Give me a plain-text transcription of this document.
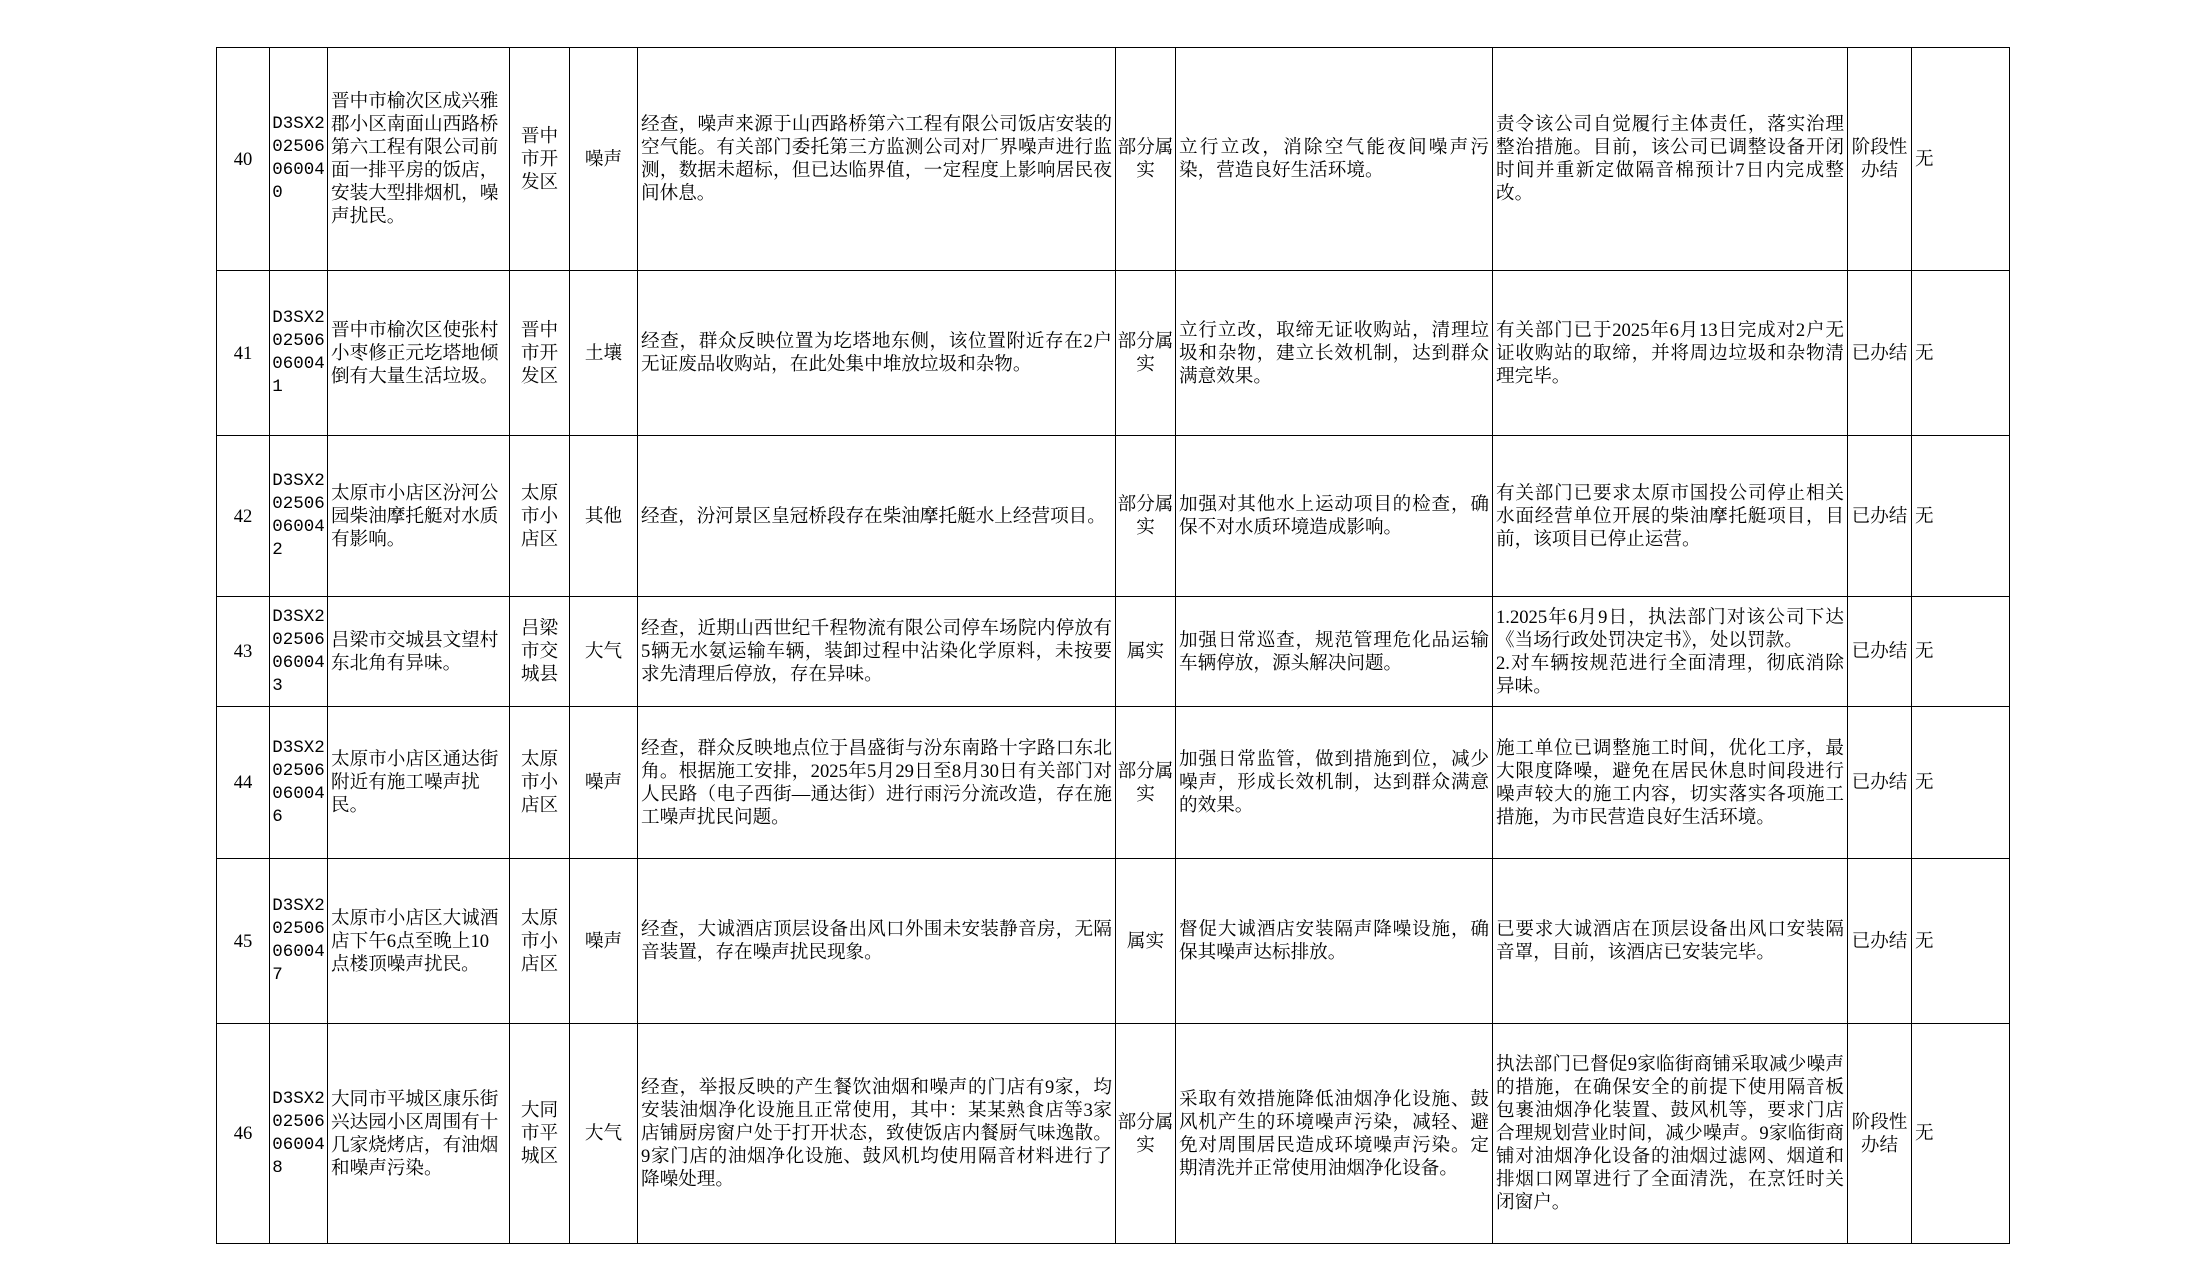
40	D3SX202506060040	晋中市榆次区成兴雅郡小区南面山西路桥第六工程有限公司前面一排平房的饭店，安装大型排烟机，噪声扰民。	晋中市开发区	噪声	经查，噪声来源于山西路桥第六工程有限公司饭店安装的空气能。有关部门委托第三方监测公司对厂界噪声进行监测，数据未超标，但已达临界值，一定程度上影响居民夜间休息。	部分属实	立行立改，消除空气能夜间噪声污染，营造良好生活环境。	责令该公司自觉履行主体责任，落实治理整治措施。目前，该公司已调整设备开闭时间并重新定做隔音棉预计7日内完成整改。	阶段性办结	无

41	D3SX202506060041	晋中市榆次区使张村小枣修正元圪塔地倾倒有大量生活垃圾。	晋中市开发区	土壤	经查，群众反映位置为圪塔地东侧，该位置附近存在2户无证废品收购站，在此处集中堆放垃圾和杂物。	部分属实	立行立改，取缔无证收购站，清理垃圾和杂物，建立长效机制，达到群众满意效果。	有关部门已于2025年6月13日完成对2户无证收购站的取缔，并将周边垃圾和杂物清理完毕。	已办结	无

42	D3SX202506060042	太原市小店区汾河公园柴油摩托艇对水质有影响。	太原市小店区	其他	经查，汾河景区皇冠桥段存在柴油摩托艇水上经营项目。	部分属实	加强对其他水上运动项目的检查，确保不对水质环境造成影响。	有关部门已要求太原市国投公司停止相关水面经营单位开展的柴油摩托艇项目，目前，该项目已停止运营。	已办结	无

43	D3SX202506060043	吕梁市交城县文望村东北角有异味。	吕梁市交城县	大气	经查，近期山西世纪千程物流有限公司停车场院内停放有5辆无水氨运输车辆，装卸过程中沾染化学原料，未按要求先清理后停放，存在异味。	属实	加强日常巡查，规范管理危化品运输车辆停放，源头解决问题。	1.2025年6月9日，执法部门对该公司下达《当场行政处罚决定书》，处以罚款。
2.对车辆按规范进行全面清理，彻底消除异味。	已办结	无

44	D3SX202506060046	太原市小店区通达街附近有施工噪声扰民。	太原市小店区	噪声	经查，群众反映地点位于昌盛街与汾东南路十字路口东北角。根据施工安排，2025年5月29日至8月30日有关部门对人民路（电子西街—通达街）进行雨污分流改造，存在施工噪声扰民问题。	部分属实	加强日常监管，做到措施到位，减少噪声，形成长效机制，达到群众满意的效果。	施工单位已调整施工时间，优化工序，最大限度降噪，避免在居民休息时间段进行噪声较大的施工内容，切实落实各项施工措施，为市民营造良好生活环境。	已办结	无

45	D3SX202506060047	太原市小店区大诚酒店下午6点至晚上10点楼顶噪声扰民。	太原市小店区	噪声	经查，大诚酒店顶层设备出风口外围未安装静音房，无隔音装置，存在噪声扰民现象。	属实	督促大诚酒店安装隔声降噪设施，确保其噪声达标排放。	已要求大诚酒店在顶层设备出风口安装隔音罩，目前，该酒店已安装完毕。	已办结	无

46	D3SX202506060048	大同市平城区康乐街兴达园小区周围有十几家烧烤店，有油烟和噪声污染。	大同市平城区	大气	经查，举报反映的产生餐饮油烟和噪声的门店有9家，均安装油烟净化设施且正常使用，其中：某某熟食店等3家店铺厨房窗户处于打开状态，致使饭店内餐厨气味逸散。9家门店的油烟净化设施、鼓风机均使用隔音材料进行了降噪处理。	部分属实	采取有效措施降低油烟净化设施、鼓风机产生的环境噪声污染，减轻、避免对周围居民造成环境噪声污染。定期清洗并正常使用油烟净化设备。	执法部门已督促9家临街商铺采取减少噪声的措施，在确保安全的前提下使用隔音板包裹油烟净化装置、鼓风机等，要求门店合理规划营业时间，减少噪声。9家临街商铺对油烟净化设备的油烟过滤网、烟道和排烟口网罩进行了全面清洗，在烹饪时关闭窗户。	阶段性办结	无
